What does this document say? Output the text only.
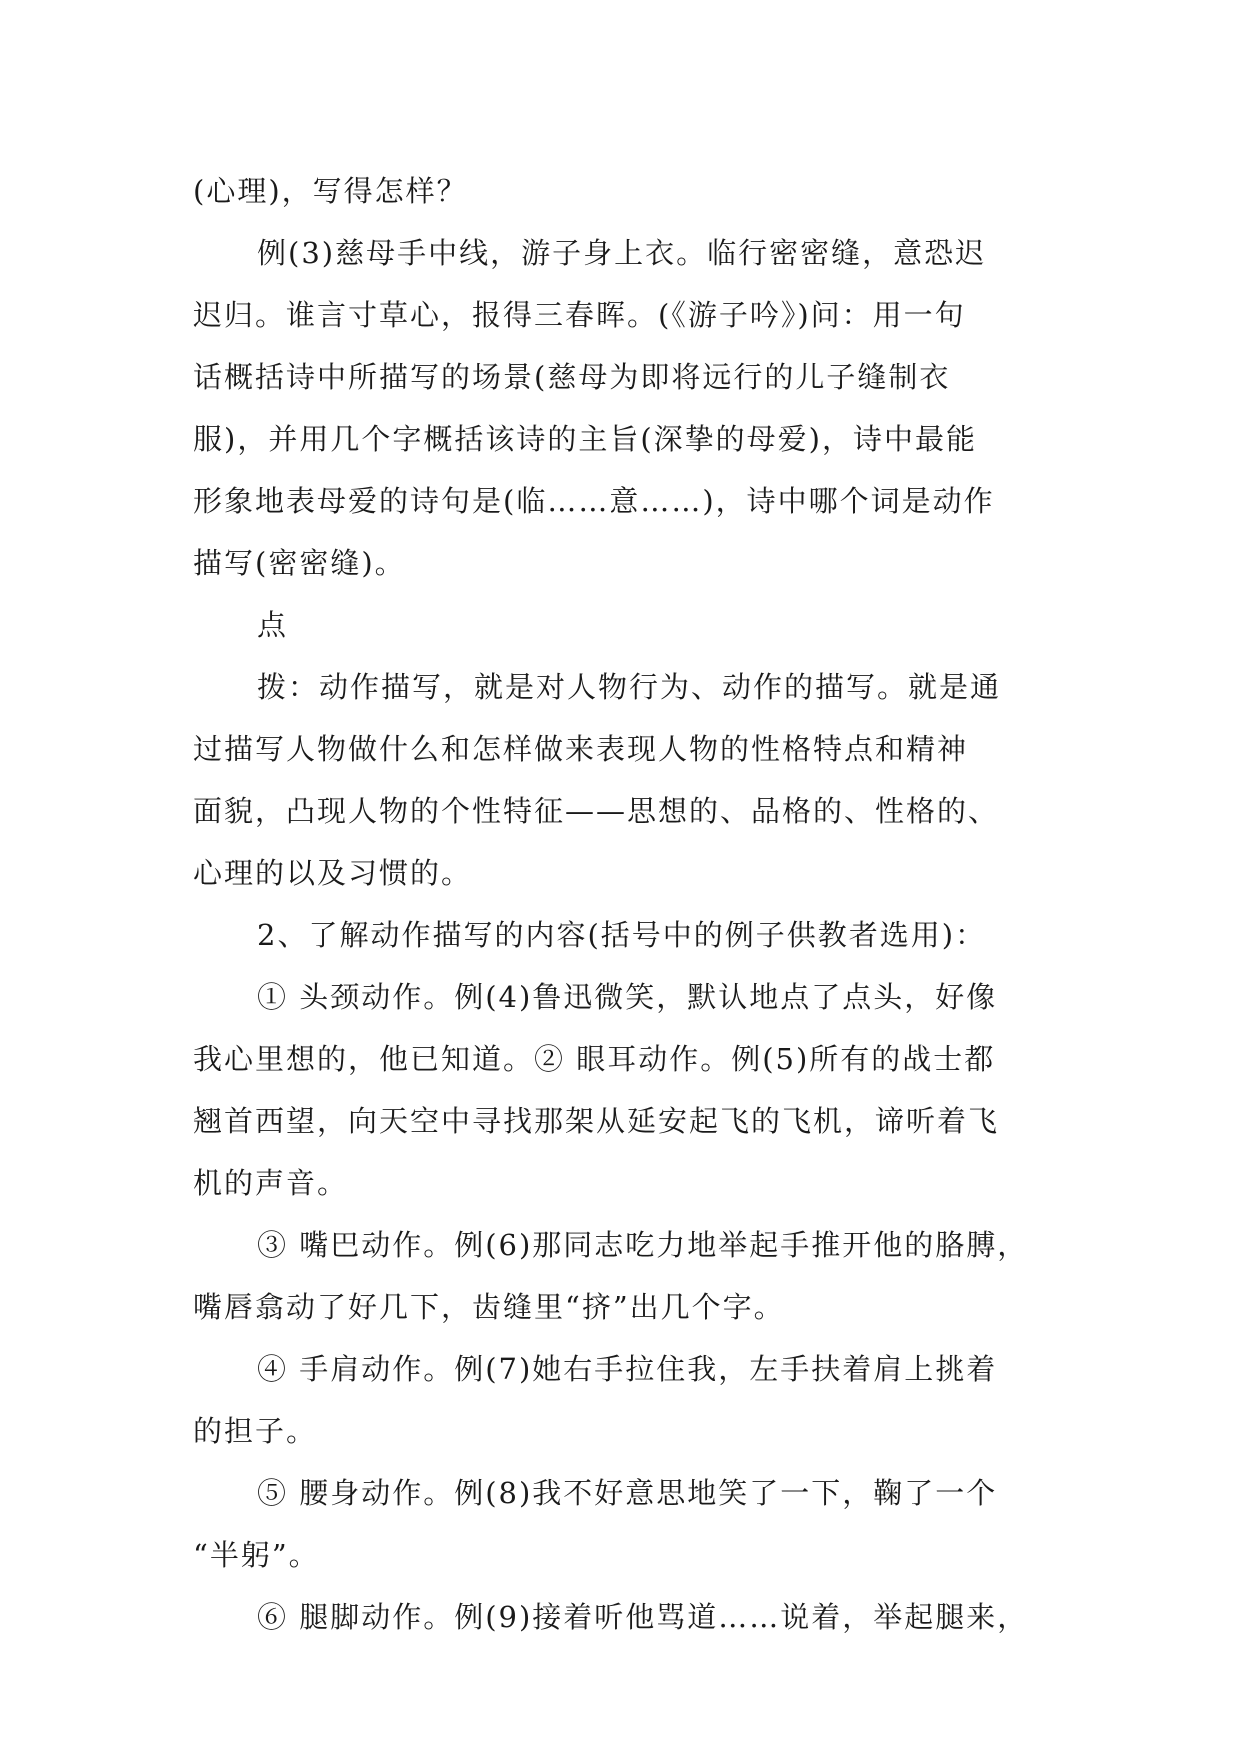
(心理)，写得怎样？
例(3)慈母手中线，游子身上衣。临行密密缝，意恐迟
迟归。谁言寸草心，报得三春晖。(《游子吟》)问：用一句
话概括诗中所描写的场景(慈母为即将远行的儿子缝制衣
服)，并用几个字概括该诗的主旨(深挚的母爱)，诗中最能
形象地表母爱的诗句是(临……意……)，诗中哪个词是动作
描写(密密缝)。
点
拨：动作描写，就是对人物行为、动作的描写。就是通
过描写人物做什么和怎样做来表现人物的性格特点和精神
面貌，凸现人物的个性特征——思想的、品格的、性格的、
心理的以及习惯的。
2、了解动作描写的内容(括号中的例子供教者选用)：
① 头颈动作。例(4)鲁迅微笑，默认地点了点头，好像
我心里想的，他已知道。② 眼耳动作。例(5)所有的战士都
翘首西望，向天空中寻找那架从延安起飞的飞机，谛听着飞
机的声音。
③ 嘴巴动作。例(6)那同志吃力地举起手推开他的胳膊，
嘴唇翕动了好几下，齿缝里“挤”出几个字。
④ 手肩动作。例(7)她右手拉住我，左手扶着肩上挑着
的担子。
⑤ 腰身动作。例(8)我不好意思地笑了一下，鞠了一个
“半躬”。
⑥ 腿脚动作。例(9)接着听他骂道……说着，举起腿来，
